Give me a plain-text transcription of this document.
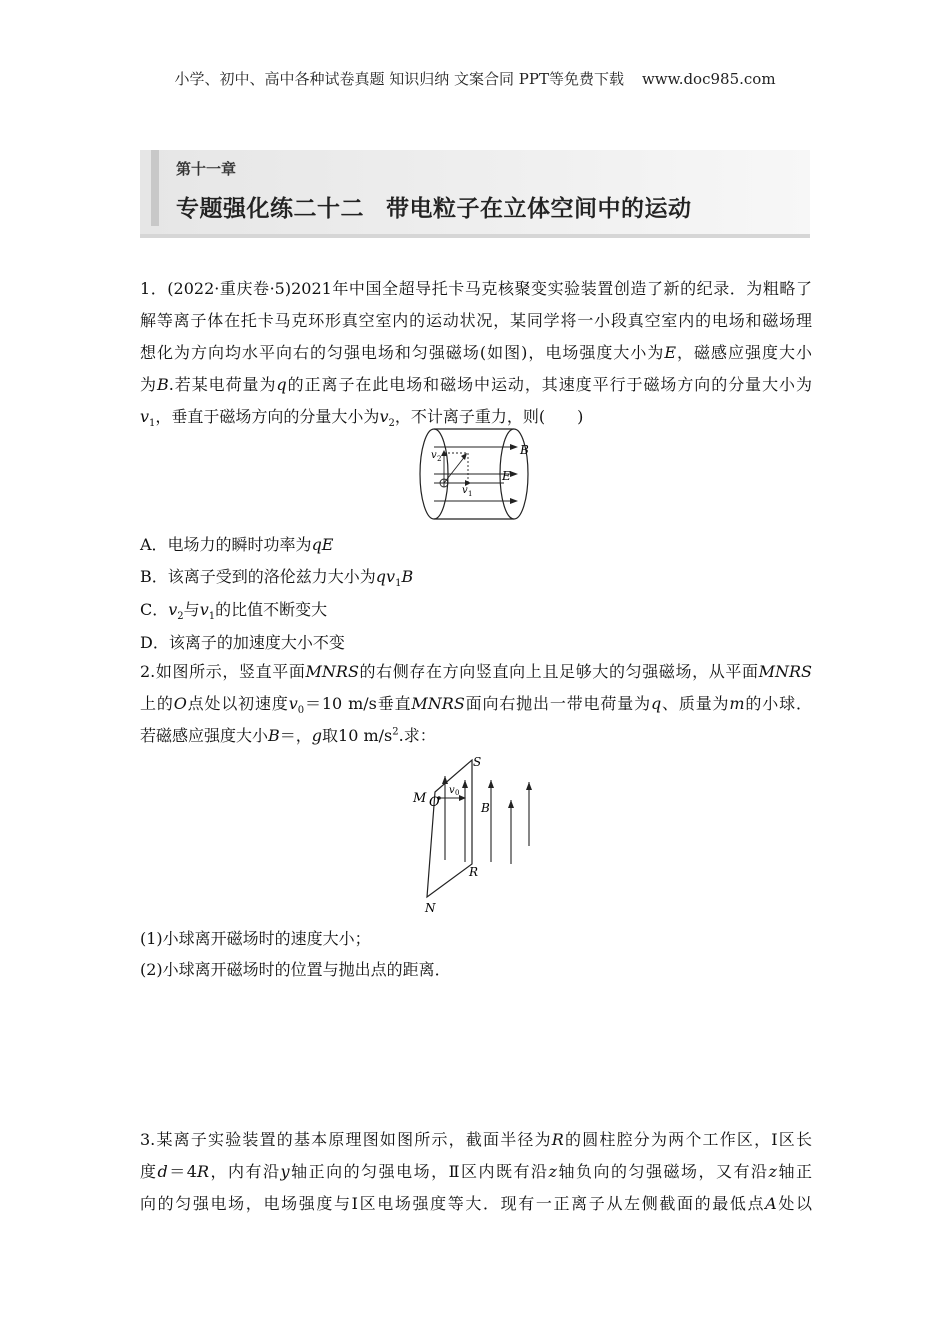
小学、初中、高中各种试卷真题 知识归纳 文案合同 PPT等免费下载 www.doc985.com
第十一章
专题强化练二十二 带电粒子在立体空间中的运动
1．(2022·重庆卷·5)2021年中国全超导托卡马克核聚变实验装置创造了新的纪录．为粗略了
解等离子体在托卡马克环形真空室内的运动状况，某同学将一小段真空室内的电场和磁场理
想化为方向均水平向右的匀强电场和匀强磁场(如图)，电场强度大小为E，磁感应强度大小
为B.若某电荷量为q的正离子在此电场和磁场中运动，其速度平行于磁场方向的分量大小为
$v_1$，垂直于磁场方向的分量大小为$v_2$，不计离子重力，则(　　)
B
E
v 2
v 1
A．电场力的瞬时功率为qE
B．该离子受到的洛伦兹力大小为$qv_1B$
C．$v_2$与$v_1$的比值不断变大
D．该离子的加速度大小不变
2.如图所示，竖直平面MNRS的右侧存在方向竖直向上且足够大的匀强磁场，从平面MNRS
上的O点处以初速度$v_0=10$ m/s垂直MNRS面向右抛出一带电荷量为q、质量为m的小球．
若磁感应强度大小B＝，g取10 $m/s^2$.求：
M O
v 0
S
B
R
N
(1)小球离开磁场时的速度大小；
(2)小球离开磁场时的位置与抛出点的距离．
3.某离子实验装置的基本原理图如图所示，截面半径为R的圆柱腔分为两个工作区，Ⅰ区长
度d＝4R，内有沿y轴正向的匀强电场，Ⅱ区内既有沿z轴负向的匀强磁场，又有沿z轴正
向的匀强电场，电场强度与Ⅰ区电场强度等大．现有一正离子从左侧截面的最低点A处以
